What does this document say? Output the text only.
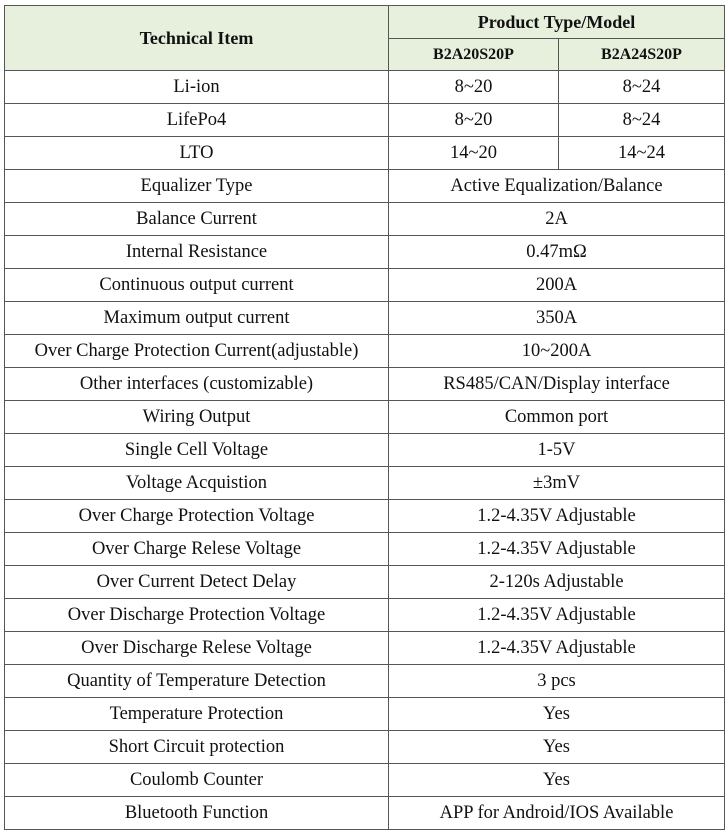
Technical Item	Product Type/Model	
	B2A20S20P	B2A24S20P
Li-ion	8~20	8~24
LifePo4	8~20	8~24
LTO	14~20	14~24
Equalizer Type	Active Equalization/Balance	
Balance Current	2A	
Internal Resistance	0.47mΩ	
Continuous output current	200A	
Maximum output current	350A	
Over Charge Protection Current(adjustable)	10~200A	
Other interfaces (customizable)	RS485/CAN/Display interface	
Wiring Output	Common port	
Single Cell Voltage	1-5V	
Voltage Acquistion	±3mV	
Over Charge Protection Voltage	1.2-4.35V Adjustable	
Over Charge Relese Voltage	1.2-4.35V Adjustable	
Over Current Detect Delay	2-120s Adjustable	
Over Discharge Protection Voltage	1.2-4.35V Adjustable	
Over Discharge Relese Voltage	1.2-4.35V Adjustable	
Quantity of Temperature Detection	3 pcs	
Temperature Protection	Yes	
Short Circuit protection	Yes	
Coulomb Counter	Yes	
Bluetooth Function	APP for Android/IOS Available	
